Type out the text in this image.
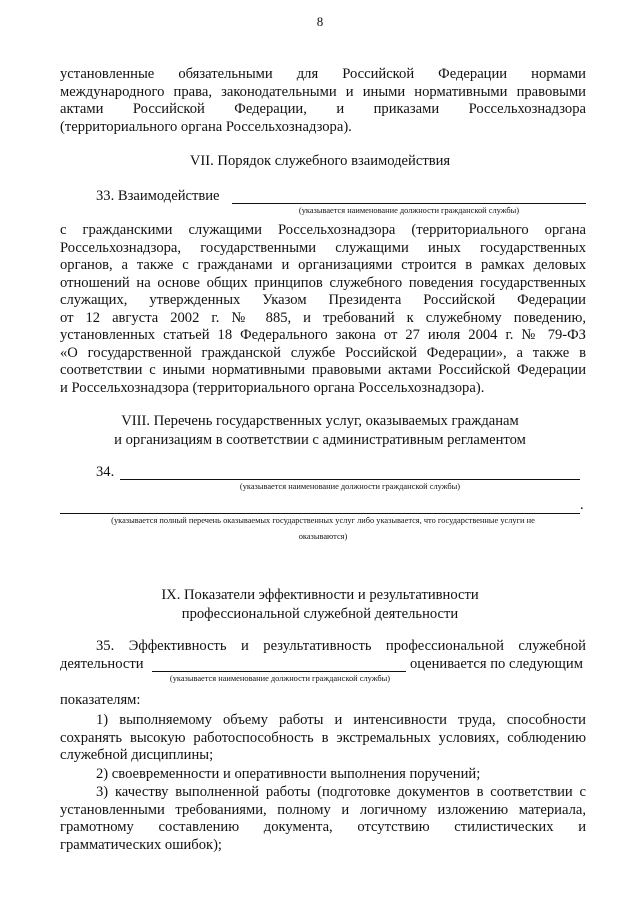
8
установленные обязательными для Российской Федерации нормами
международного права, законодательными и иными нормативными правовыми
актами Российской Федерации, и приказами Россельхознадзора
(территориального органа Россельхознадзора).
VII. Порядок служебного взаимодействия
33. Взаимодействие
(указывается наименование должности гражданской службы)
с гражданскими служащими Россельхознадзора (территориального органа
Россельхознадзора, государственными служащими иных государственных
органов, а также с гражданами и организациями строится в рамках деловых
отношений на основе общих принципов служебного поведения государственных
служащих, утвержденных Указом Президента Российской Федерации
от 12 августа 2002 г. № 885, и требований к служебному поведению,
установленных статьей 18 Федерального закона от 27 июля 2004 г. № 79-ФЗ
«О государственной гражданской службе Российской Федерации», а также в
соответствии с иными нормативными правовыми актами Российской Федерации
и Россельхознадзора (территориального органа Россельхознадзора).
VIII. Перечень государственных услуг, оказываемых гражданам
и организациям в соответствии с административным регламентом
34.
(указывается наименование должности гражданской службы)
.
(указывается полный перечень оказываемых государственных услуг либо указывается, что государственные услуги не
оказываются)
IX. Показатели эффективности и результативности
профессиональной служебной деятельности
35. Эффективность и результативность профессиональной служебной
деятельности	оценивается по следующим
(указывается наименование должности гражданской службы)
показателям:
1) выполняемому объему работы и интенсивности труда, способности
сохранять высокую работоспособность в экстремальных условиях, соблюдению
служебной дисциплины;
2) своевременности и оперативности выполнения поручений;
3) качеству выполненной работы (подготовке документов в соответствии с
установленными требованиями, полному и логичному изложению материала,
грамотному составлению документа, отсутствию стилистических и
грамматических ошибок);
